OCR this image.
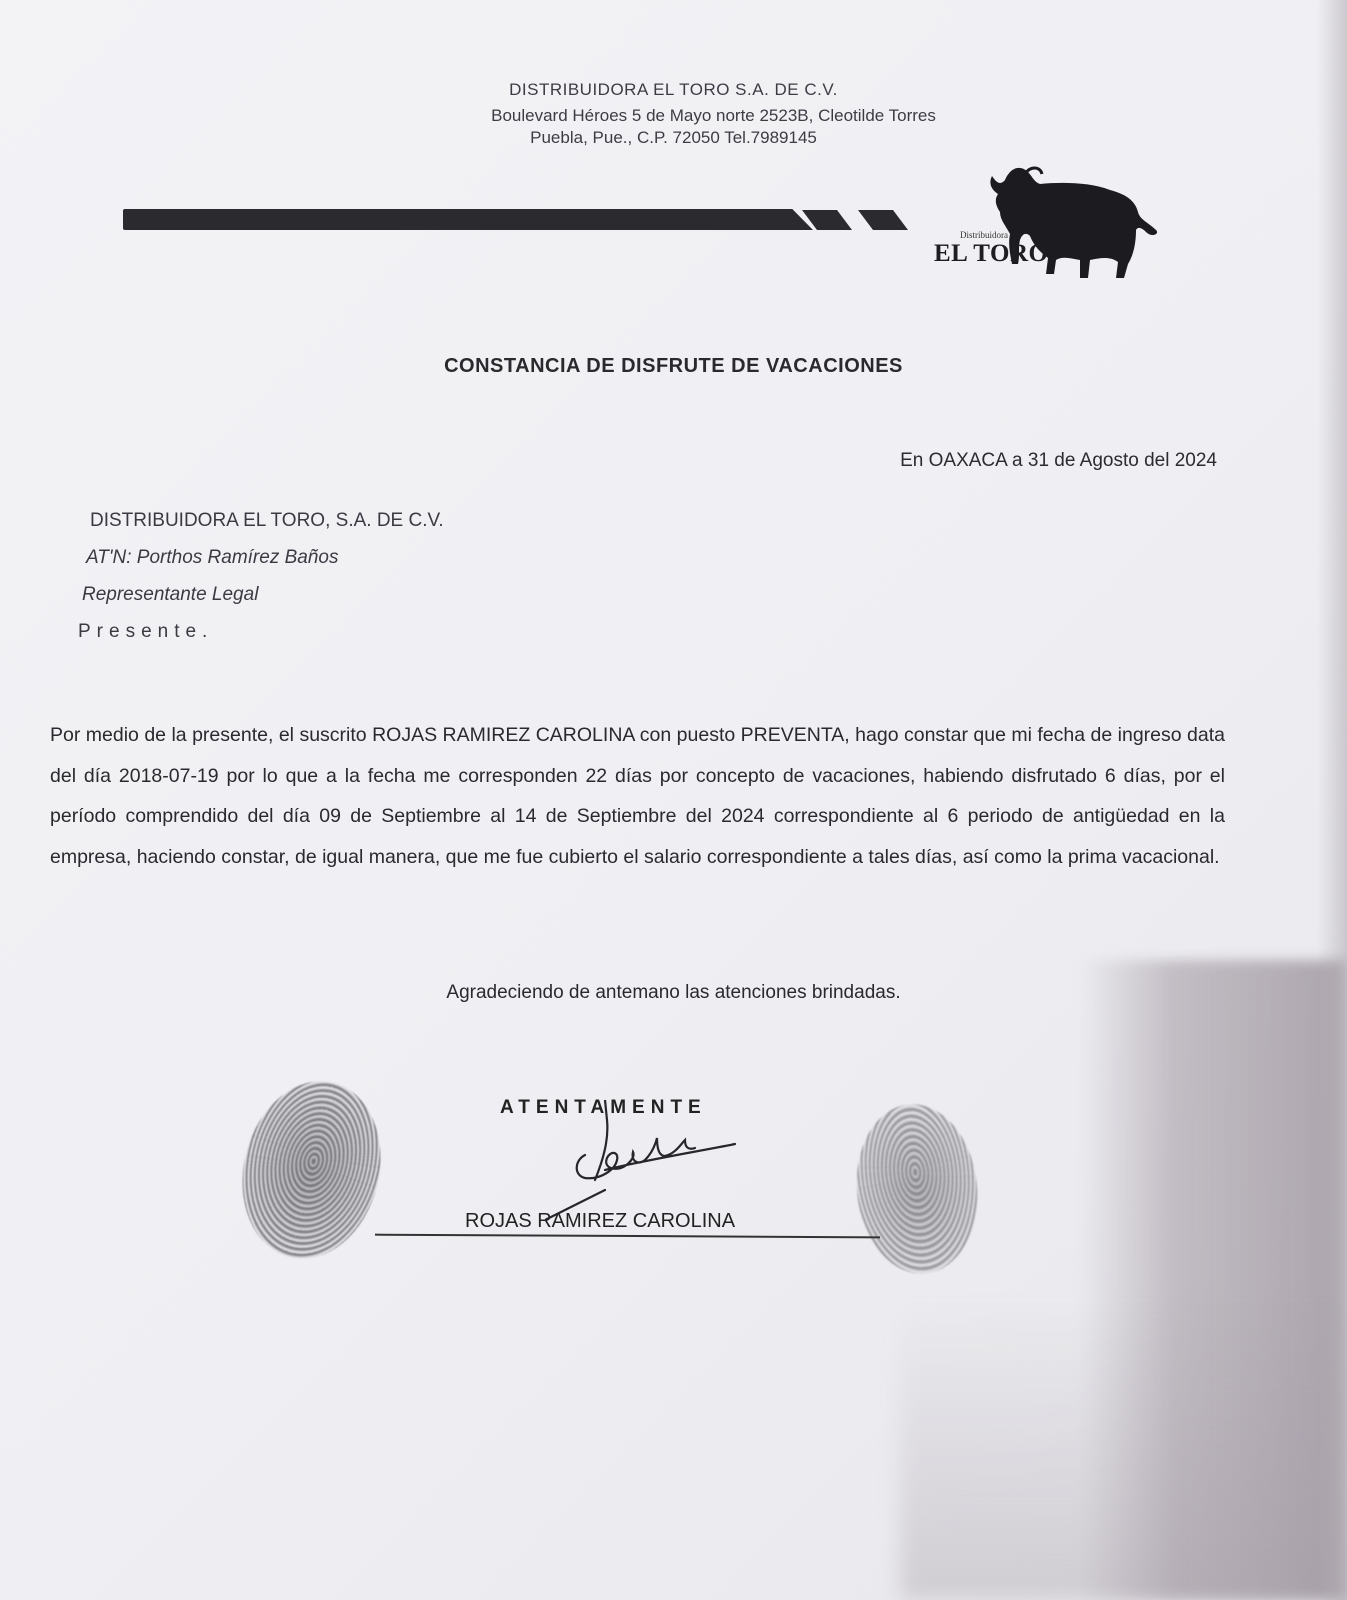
DISTRIBUIDORA EL TORO S.A. DE C.V.
Boulevard Héroes 5 de Mayo norte 2523B, Cleotilde Torres
Puebla, Pue., C.P. 72050 Tel.7989145
Distribuidora
EL TORO
CONSTANCIA DE DISFRUTE DE VACACIONES
En OAXACA a 31 de Agosto del 2024
DISTRIBUIDORA EL TORO, S.A. DE C.V.
AT'N: Porthos Ramírez Baños
Representante Legal
Presente.
Por medio de la presente, el suscrito ROJAS RAMIREZ CAROLINA con puesto PREVENTA, hago constar que mi fecha de ingreso data del día 2018-07-19 por lo que a la fecha me corresponden 22 días por concepto de vacaciones, habiendo disfrutado 6 días, por el período comprendido del día 09 de Septiembre al 14 de Septiembre del 2024 correspondiente al 6 periodo de antigüedad en la empresa, haciendo constar, de igual manera, que me fue cubierto el salario correspondiente a tales días, así como la prima vacacional.
Agradeciendo de antemano las atenciones brindadas.
ATENTAMENTE
ROJAS RAMIREZ CAROLINA
